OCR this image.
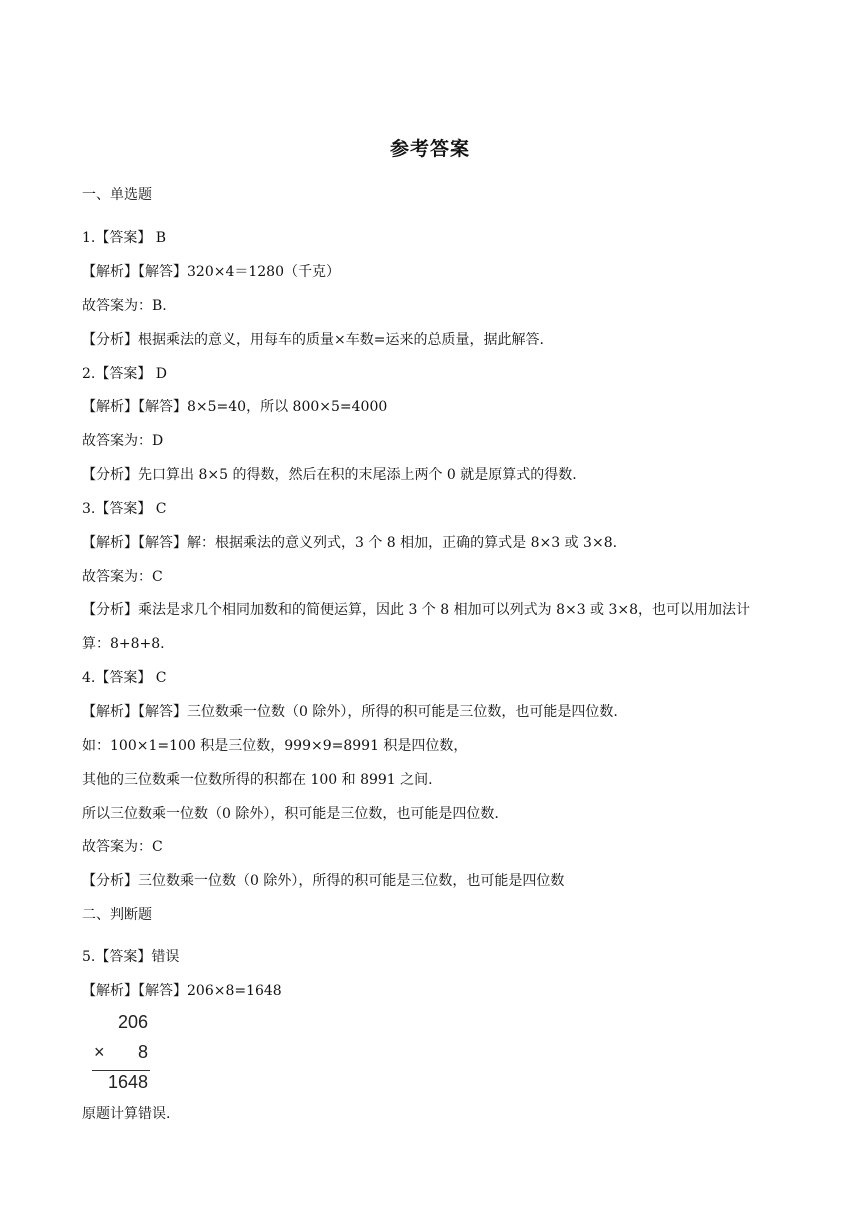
参考答案
一、单选题
1.【答案】 B
【解析】【解答】320×4＝1280（千克）
故答案为：B.
【分析】根据乘法的意义，用每车的质量×车数=运来的总质量，据此解答.
2.【答案】 D
【解析】【解答】8×5=40，所以 800×5=4000
故答案为：D
【分析】先口算出 8×5 的得数，然后在积的末尾添上两个 0 就是原算式的得数.
3.【答案】 C
【解析】【解答】解：根据乘法的意义列式，3 个 8 相加，正确的算式是 8×3 或 3×8.
故答案为：C
【分析】乘法是求几个相同加数和的简便运算，因此 3 个 8 相加可以列式为 8×3 或 3×8，也可以用加法计
算：8+8+8.
4.【答案】 C
【解析】【解答】三位数乘一位数（0 除外），所得的积可能是三位数，也可能是四位数.
如：100×1=100 积是三位数，999×9=8991 积是四位数，
其他的三位数乘一位数所得的积都在 100 和 8991 之间.
所以三位数乘一位数（0 除外），积可能是三位数，也可能是四位数.
故答案为：C
【分析】三位数乘一位数（0 除外），所得的积可能是三位数，也可能是四位数
二、判断题
5.【答案】错误
【解析】【解答】206×8=1648
206
× 8
1648
原题计算错误.
